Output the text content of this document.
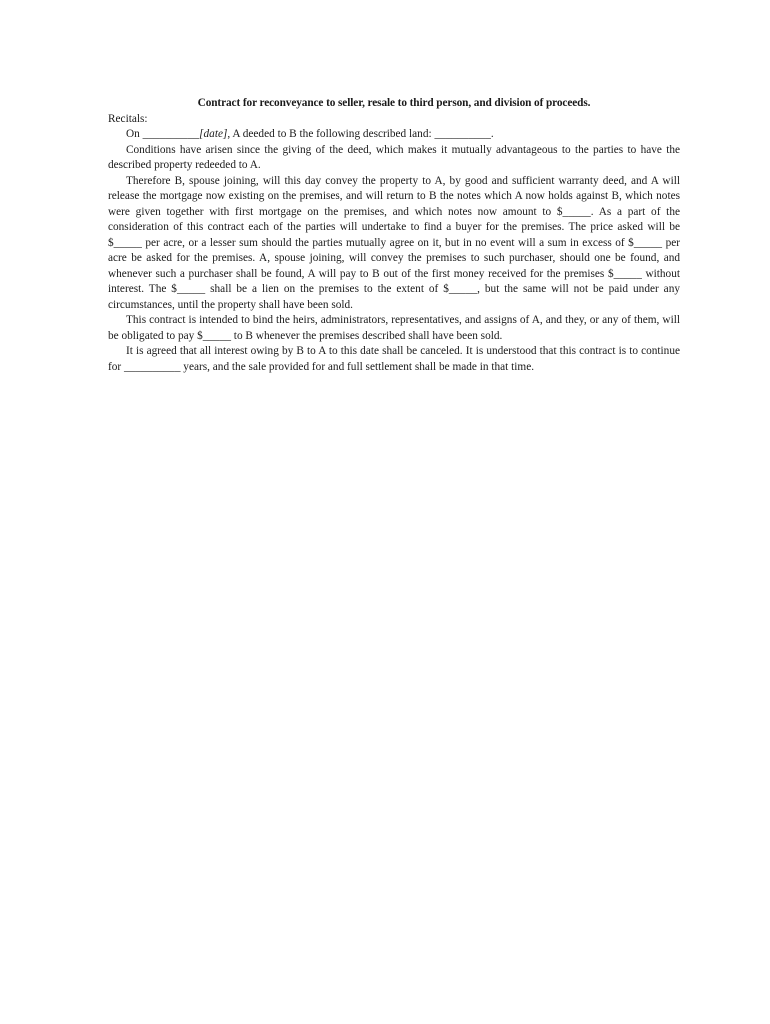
Contract for reconveyance to seller, resale to third person, and division of proceeds.

Recitals:

On __________[date], A deeded to B the following described land: __________.

Conditions have arisen since the giving of the deed, which makes it mutually advantageous to the parties to have the described property redeeded to A.

Therefore B, spouse joining, will this day convey the property to A, by good and sufficient warranty deed, and A will release the mortgage now existing on the premises, and will return to B the notes which A now holds against B, which notes were given together with first mortgage on the premises, and which notes now amount to $_____. As a part of the consideration of this contract each of the parties will undertake to find a buyer for the premises. The price asked will be $_____ per acre, or a lesser sum should the parties mutually agree on it, but in no event will a sum in excess of $_____ per acre be asked for the premises. A, spouse joining, will convey the premises to such purchaser, should one be found, and whenever such a purchaser shall be found, A will pay to B out of the first money received for the premises $_____ without interest. The $_____ shall be a lien on the premises to the extent of $_____, but the same will not be paid under any circumstances, until the property shall have been sold.

This contract is intended to bind the heirs, administrators, representatives, and assigns of A, and they, or any of them, will be obligated to pay $_____ to B whenever the premises described shall have been sold.

It is agreed that all interest owing by B to A to this date shall be canceled. It is understood that this contract is to continue for __________ years, and the sale provided for and full settlement shall be made in that time.
